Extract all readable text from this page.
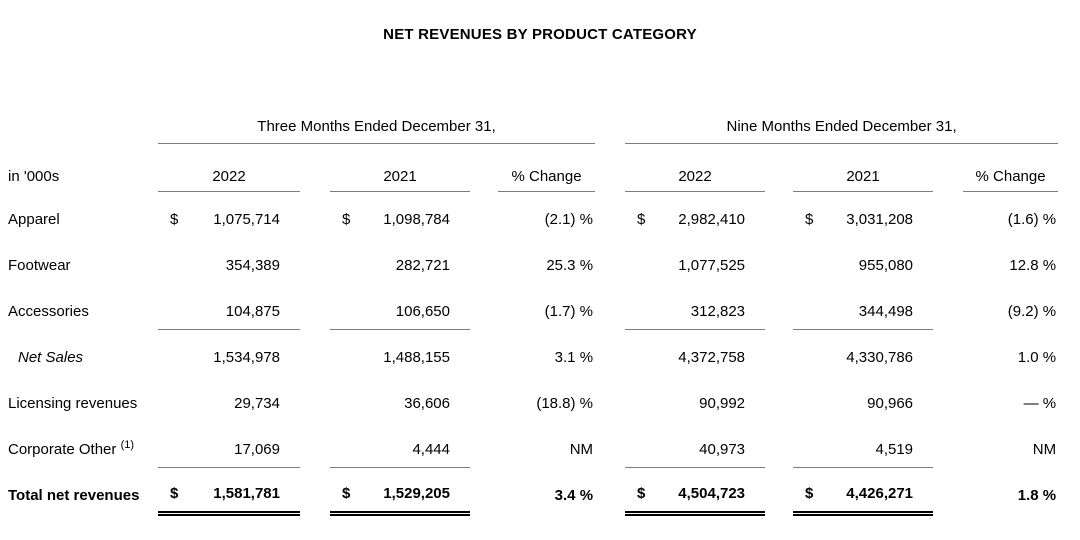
NET REVENUES BY PRODUCT CATEGORY
	Three Months Ended December 31,						Nine Months Ended December 31,				
in '000s	2022		2021		% Change		2022		2021		% Change
Apparel	$ 1,075,714		$ 1,098,784		(2.1) %		$ 2,982,410		$ 3,031,208		(1.6) %
Footwear	354,389		282,721		25.3 %		1,077,525		955,080		12.8 %
Accessories	104,875		106,650		(1.7) %		312,823		344,498		(9.2) %
Net Sales	1,534,978		1,488,155		3.1 %		4,372,758		4,330,786		1.0 %
Licensing revenues	29,734		36,606		(18.8) %		90,992		90,966		— %
Corporate Other $^{(1)}$	17,069		4,444		NM		40,973		4,519		NM
Total net revenues	$ 1,581,781		$ 1,529,205		3.4 %		$ 4,504,723		$ 4,426,271		1.8 %
